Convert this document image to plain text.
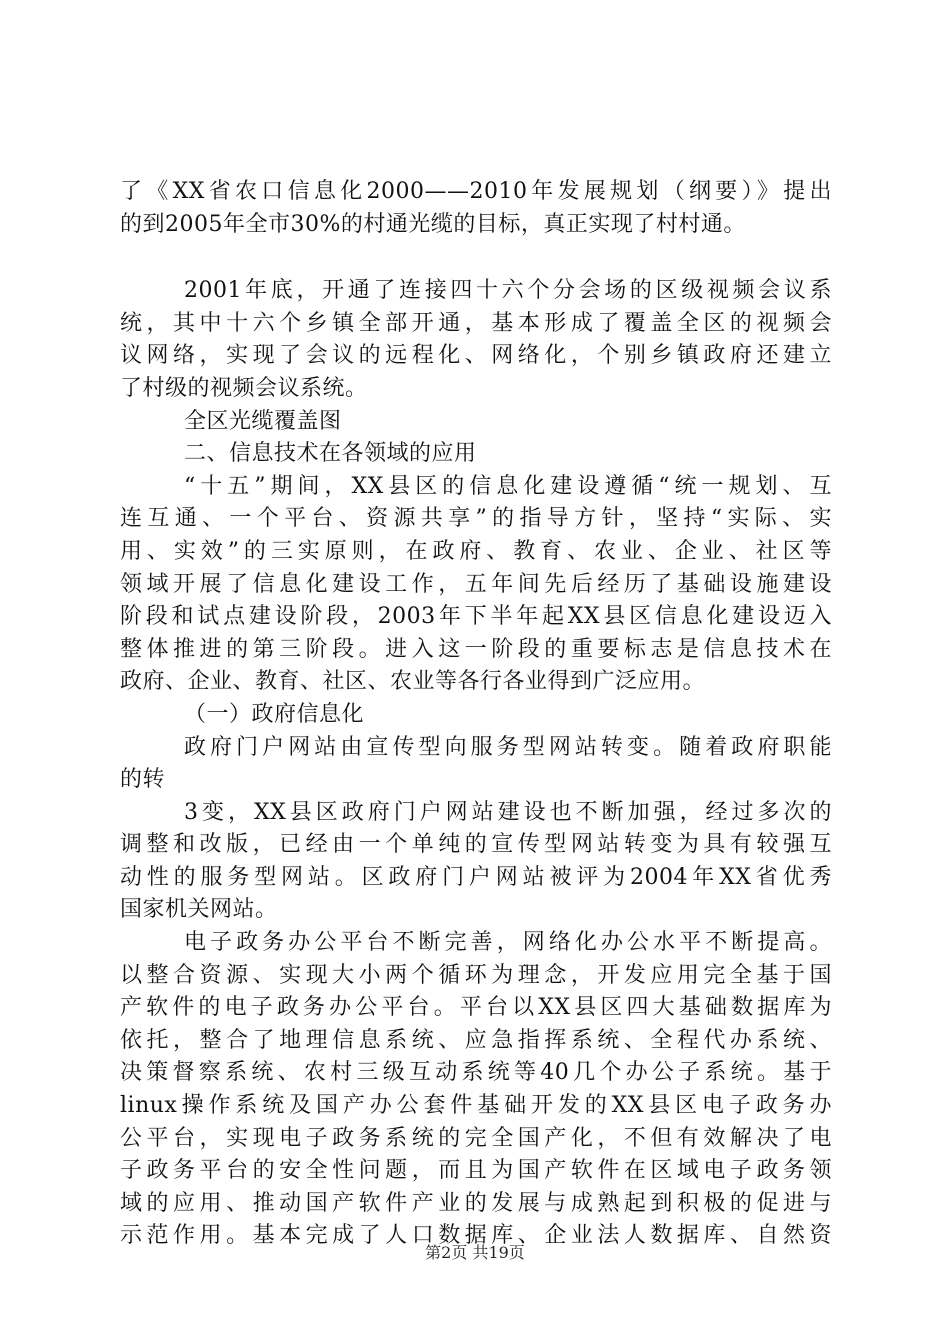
了《XX省农口信息化2000——2010年发展规划（纲要）》提出
的到2005年全市30%的村通光缆的目标，真正实现了村村通。
2001年底，开通了连接四十六个分会场的区级视频会议系
统，其中十六个乡镇全部开通，基本形成了覆盖全区的视频会
议网络，实现了会议的远程化、网络化，个别乡镇政府还建立
了村级的视频会议系统。
全区光缆覆盖图
二、信息技术在各领域的应用
“十五”期间，XX县区的信息化建设遵循“统一规划、互
连互通、一个平台、资源共享”的指导方针，坚持“实际、实
用、实效”的三实原则，在政府、教育、农业、企业、社区等
领域开展了信息化建设工作，五年间先后经历了基础设施建设
阶段和试点建设阶段，2003年下半年起XX县区信息化建设迈入
整体推进的第三阶段。进入这一阶段的重要标志是信息技术在
政府、企业、教育、社区、农业等各行各业得到广泛应用。
（一）政府信息化
政府门户网站由宣传型向服务型网站转变。随着政府职能
的转
3变，XX县区政府门户网站建设也不断加强，经过多次的
调整和改版，已经由一个单纯的宣传型网站转变为具有较强互
动性的服务型网站。区政府门户网站被评为2004年XX省优秀
国家机关网站。
电子政务办公平台不断完善，网络化办公水平不断提高。
以整合资源、实现大小两个循环为理念，开发应用完全基于国
产软件的电子政务办公平台。平台以XX县区四大基础数据库为
依托，整合了地理信息系统、应急指挥系统、全程代办系统、
决策督察系统、农村三级互动系统等40几个办公子系统。基于
linux操作系统及国产办公套件基础开发的XX县区电子政务办
公平台，实现电子政务系统的完全国产化，不但有效解决了电
子政务平台的安全性问题，而且为国产软件在区域电子政务领
域的应用、推动国产软件产业的发展与成熟起到积极的促进与
示范作用。基本完成了人口数据库、企业法人数据库、自然资
第2页 共19页
